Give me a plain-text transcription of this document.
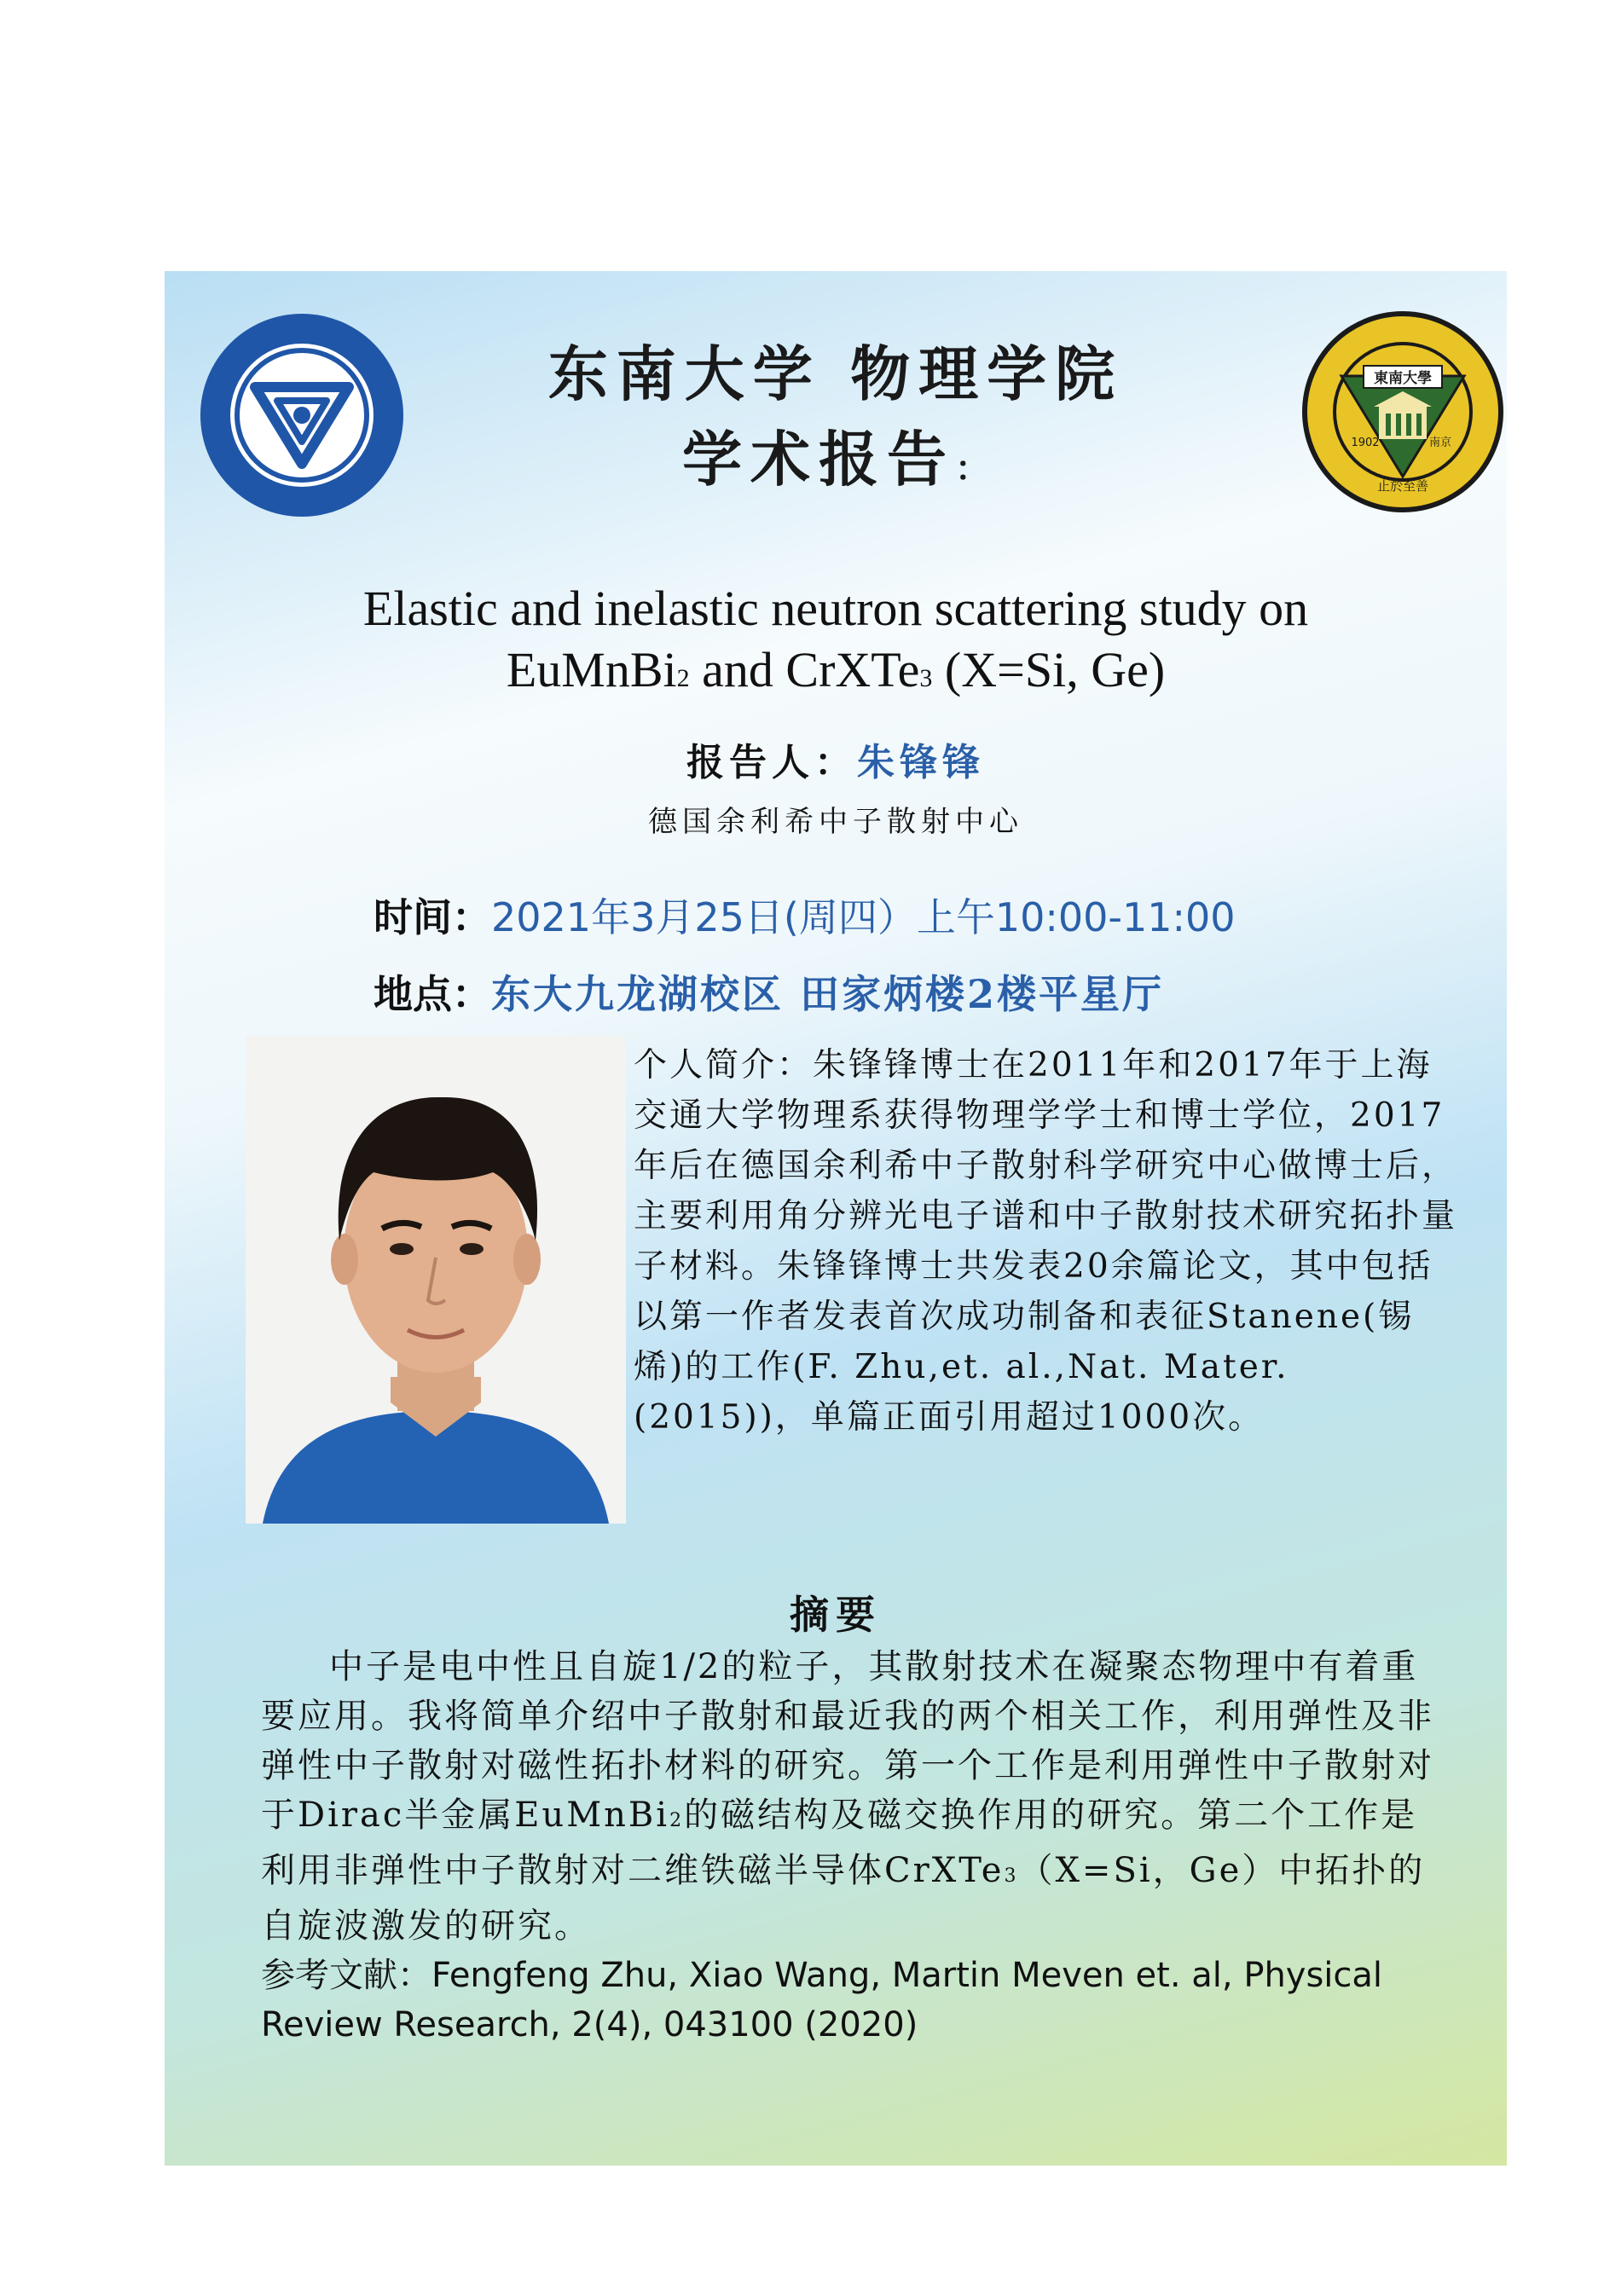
東南大學
1902	南京
止於至善
东南大学 物理学院
学术报告：
Elastic and inelastic neutron scattering study on
EuMnBi2 and CrXTe3 (X=Si, Ge)
报告人：朱锋锋
德国余利希中子散射中心
时间：2021年3月25日(周四）上午10:00-11:00
地点：东大九龙湖校区 田家炳楼2楼平星厅
个人简介：朱锋锋博士在2011年和2017年于上海交通大学物理系获得物理学学士和博士学位，2017年后在德国余利希中子散射科学研究中心做博士后，主要利用角分辨光电子谱和中子散射技术研究拓扑量子材料。朱锋锋博士共发表20余篇论文，其中包括以第一作者发表首次成功制备和表征Stanene(锡烯)的工作(F. Zhu,et. al.,Nat. Mater.(2015))，单篇正面引用超过1000次。
摘要
中子是电中性且自旋1/2的粒子，其散射技术在凝聚态物理中有着重要应用。我将简单介绍中子散射和最近我的两个相关工作，利用弹性及非弹性中子散射对磁性拓扑材料的研究。第一个工作是利用弹性中子散射对于Dirac半金属EuMnBi2的磁结构及磁交换作用的研究。第二个工作是利用非弹性中子散射对二维铁磁半导体CrXTe3（X=Si，Ge）中拓扑的自旋波激发的研究。
参考文献：Fengfeng Zhu, Xiao Wang, Martin Meven et. al, Physical Review Research, 2(4), 043100 (2020)
